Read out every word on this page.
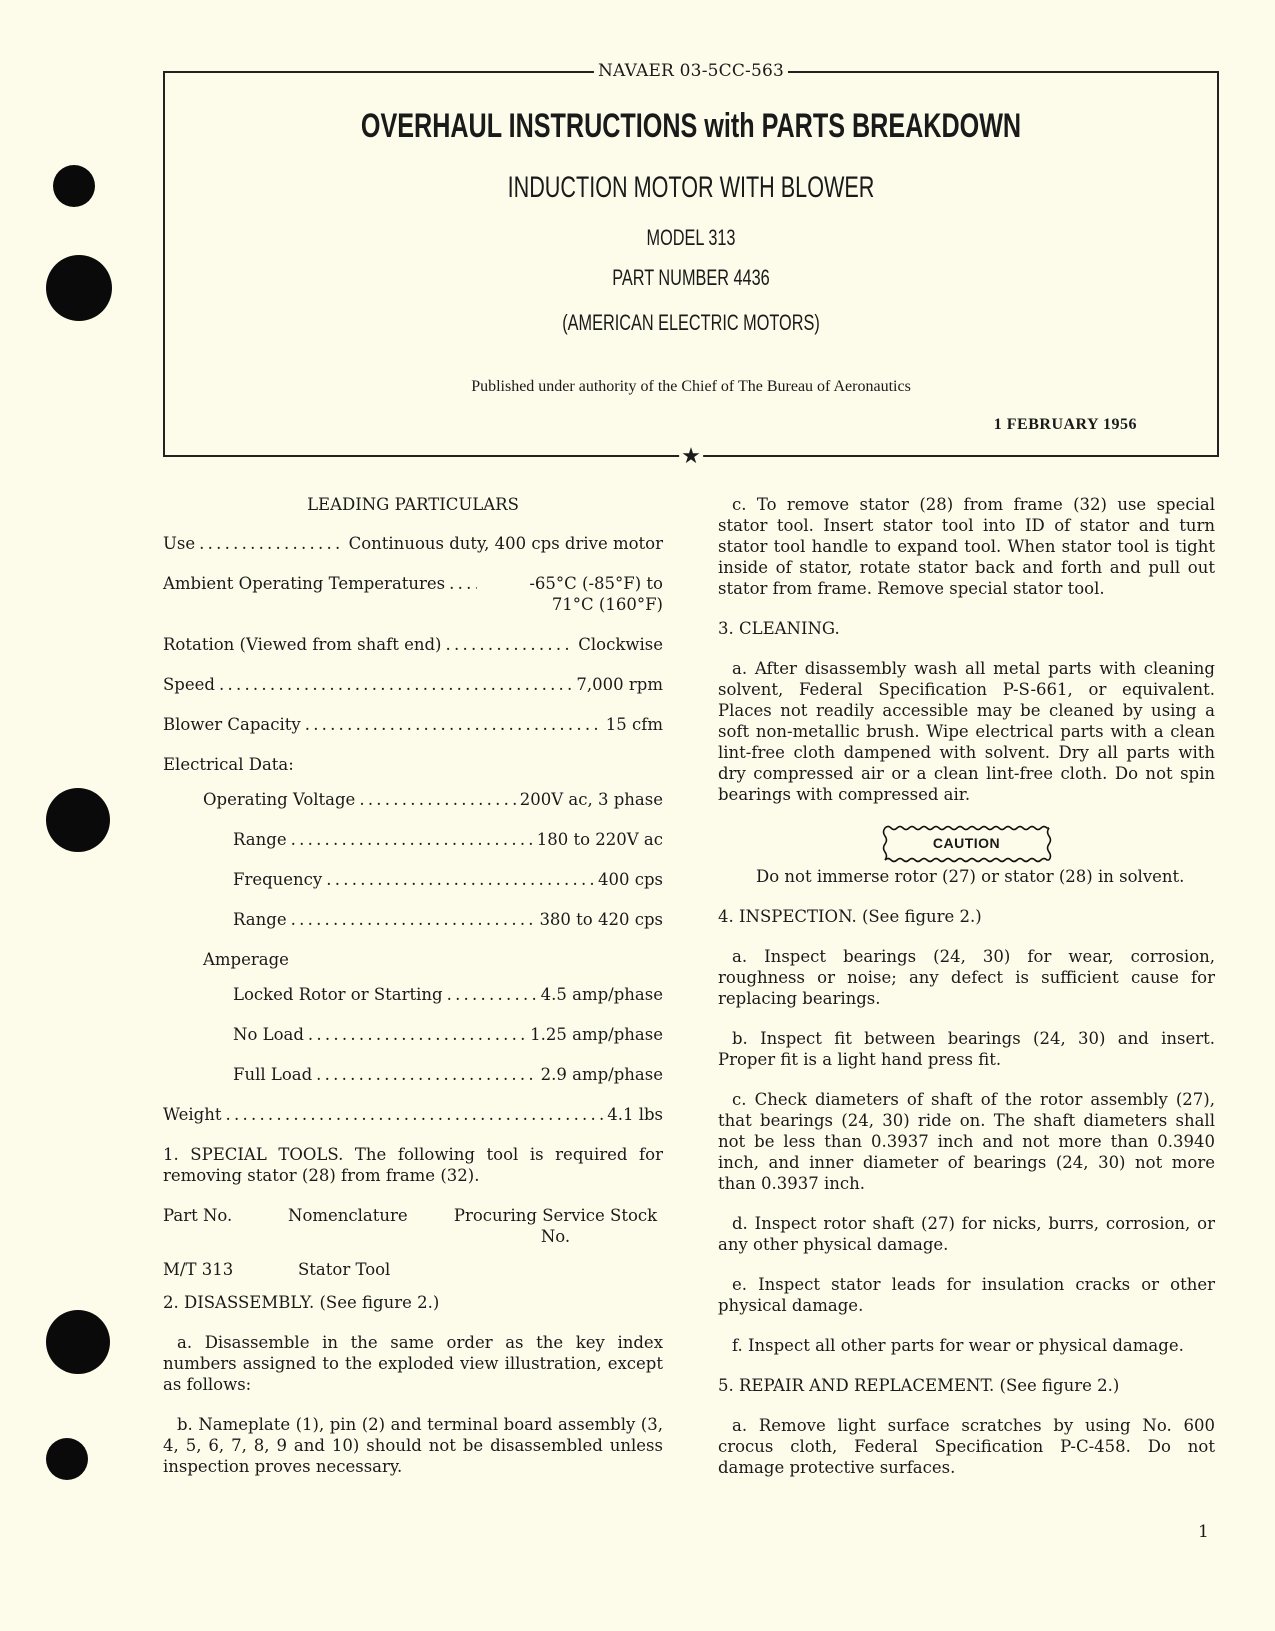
NAVAER 03-5CC-563
OVERHAUL INSTRUCTIONS with PARTS BREAKDOWN
INDUCTION MOTOR WITH BLOWER
MODEL 313
PART NUMBER 4436
(AMERICAN ELECTRIC MOTORS)
Published under authority of the Chief of The Bureau of Aeronautics
1 FEBRUARY 1956
★
LEADING PARTICULARS
Use . . .	Continuous duty, 400 cps drive motor
Ambient Operating Temperatures . . .	-65°C (-85°F) to
71°C (160°F)
Rotation (Viewed from shaft end) . . .	Clockwise
Speed . . .	7,000 rpm
Blower Capacity . . .	15 cfm
Electrical Data:
Operating Voltage . . .	200V ac, 3 phase
Range . . .	180 to 220V ac
Frequency . . .	400 cps
Range . . .	380 to 420 cps
Amperage
Locked Rotor or Starting . . .	4.5 amp/phase
No Load . . .	1.25 amp/phase
Full Load . . .	2.9 amp/phase
Weight . . .	4.1 lbs

1. SPECIAL TOOLS. The following tool is required for removing stator (28) from frame (32).

Part No.	Nomenclature	Procuring Service Stock No.
M/T 313	Stator Tool
2. DISASSEMBLY. (See figure 2.)

a. Disassemble in the same order as the key index numbers assigned to the exploded view illustration, except as follows:

b. Nameplate (1), pin (2) and terminal board assembly (3, 4, 5, 6, 7, 8, 9 and 10) should not be disassembled unless inspection proves necessary.

c. To remove stator (28) from frame (32) use special stator tool. Insert stator tool into ID of stator and turn stator tool handle to expand tool. When stator tool is tight inside of stator, rotate stator back and forth and pull out stator from frame. Remove special stator tool.

3. CLEANING.

a. After disassembly wash all metal parts with cleaning solvent, Federal Specification P-S-661, or equivalent. Places not readily accessible may be cleaned by using a soft non-metallic brush. Wipe electrical parts with a clean lint-free cloth dampened with solvent. Dry all parts with dry compressed air or a clean lint-free cloth. Do not spin bearings with compressed air.

CAUTION

Do not immerse rotor (27) or stator (28) in solvent.

4. INSPECTION. (See figure 2.)

a. Inspect bearings (24, 30) for wear, corrosion, roughness or noise; any defect is sufficient cause for replacing bearings.

b. Inspect fit between bearings (24, 30) and insert. Proper fit is a light hand press fit.

c. Check diameters of shaft of the rotor assembly (27), that bearings (24, 30) ride on. The shaft diameters shall not be less than 0.3937 inch and not more than 0.3940 inch, and inner diameter of bearings (24, 30) not more than 0.3937 inch.

d. Inspect rotor shaft (27) for nicks, burrs, corrosion, or any other physical damage.

e. Inspect stator leads for insulation cracks or other physical damage.

f. Inspect all other parts for wear or physical damage.

5. REPAIR AND REPLACEMENT. (See figure 2.)

a. Remove light surface scratches by using No. 600 crocus cloth, Federal Specification P-C-458. Do not damage protective surfaces.

1
